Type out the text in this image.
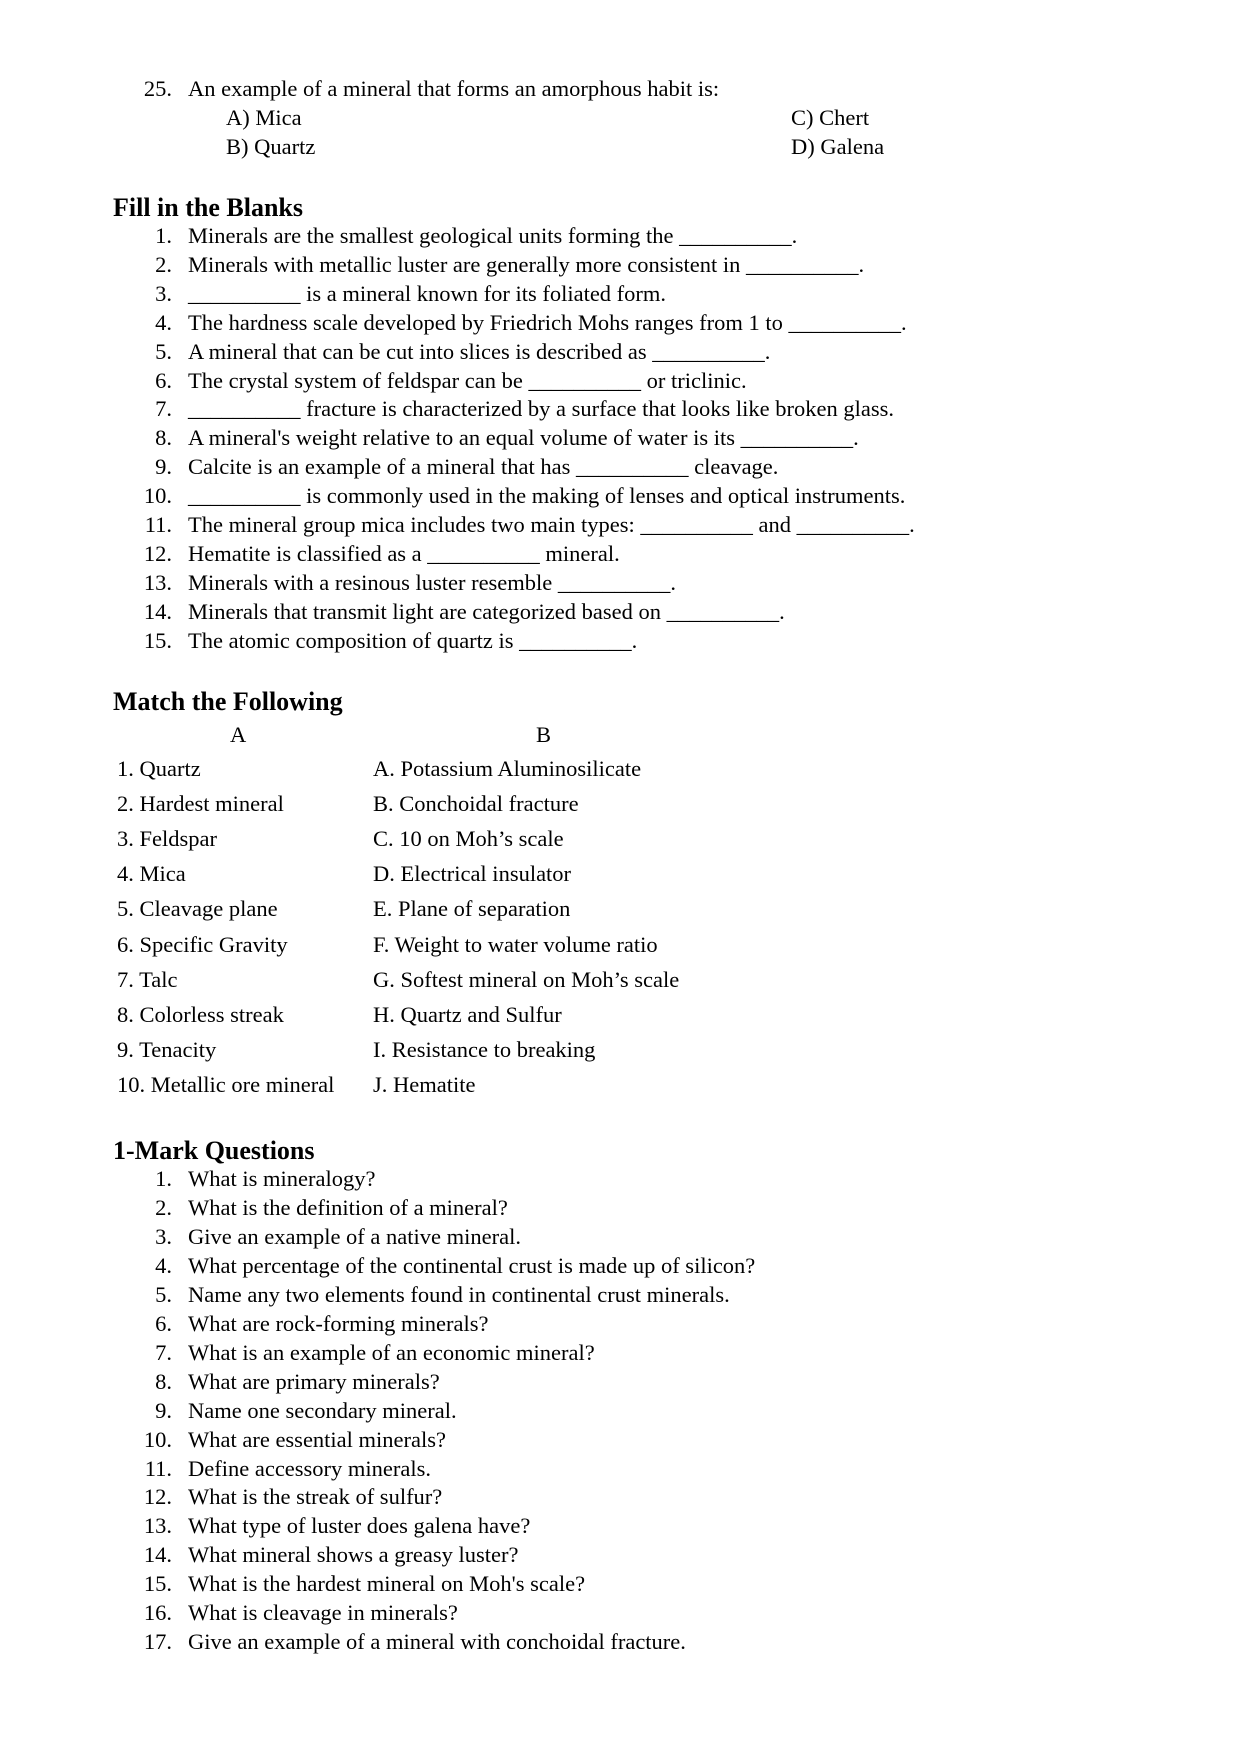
25. An example of a mineral that forms an amorphous habit is:
A) Mica
B) Quartz
C) Chert
D) Galena
Fill in the Blanks
1. Minerals are the smallest geological units forming the __________.
2. Minerals with metallic luster are generally more consistent in __________.
3. __________ is a mineral known for its foliated form.
4. The hardness scale developed by Friedrich Mohs ranges from 1 to __________.
5. A mineral that can be cut into slices is described as __________.
6. The crystal system of feldspar can be __________ or triclinic.
7. __________ fracture is characterized by a surface that looks like broken glass.
8. A mineral's weight relative to an equal volume of water is its __________.
9. Calcite is an example of a mineral that has __________ cleavage.
10. __________ is commonly used in the making of lenses and optical instruments.
11. The mineral group mica includes two main types: __________ and __________.
12. Hematite is classified as a __________ mineral.
13. Minerals with a resinous luster resemble __________.
14. Minerals that transmit light are categorized based on __________.
15. The atomic composition of quartz is __________.
Match the Following
A	B
1. Quartz	A. Potassium Aluminosilicate
2. Hardest mineral	B. Conchoidal fracture
3. Feldspar	C. 10 on Moh’s scale
4. Mica	D. Electrical insulator
5. Cleavage plane	E. Plane of separation
6. Specific Gravity	F. Weight to water volume ratio
7. Talc	G. Softest mineral on Moh’s scale
8. Colorless streak	H. Quartz and Sulfur
9. Tenacity	I. Resistance to breaking
10. Metallic ore mineral J. Hematite
1-Mark Questions
1. What is mineralogy?
2. What is the definition of a mineral?
3. Give an example of a native mineral.
4. What percentage of the continental crust is made up of silicon?
5. Name any two elements found in continental crust minerals.
6. What are rock-forming minerals?
7. What is an example of an economic mineral?
8. What are primary minerals?
9. Name one secondary mineral.
10. What are essential minerals?
11. Define accessory minerals.
12. What is the streak of sulfur?
13. What type of luster does galena have?
14. What mineral shows a greasy luster?
15. What is the hardest mineral on Moh's scale?
16. What is cleavage in minerals?
17. Give an example of a mineral with conchoidal fracture.
